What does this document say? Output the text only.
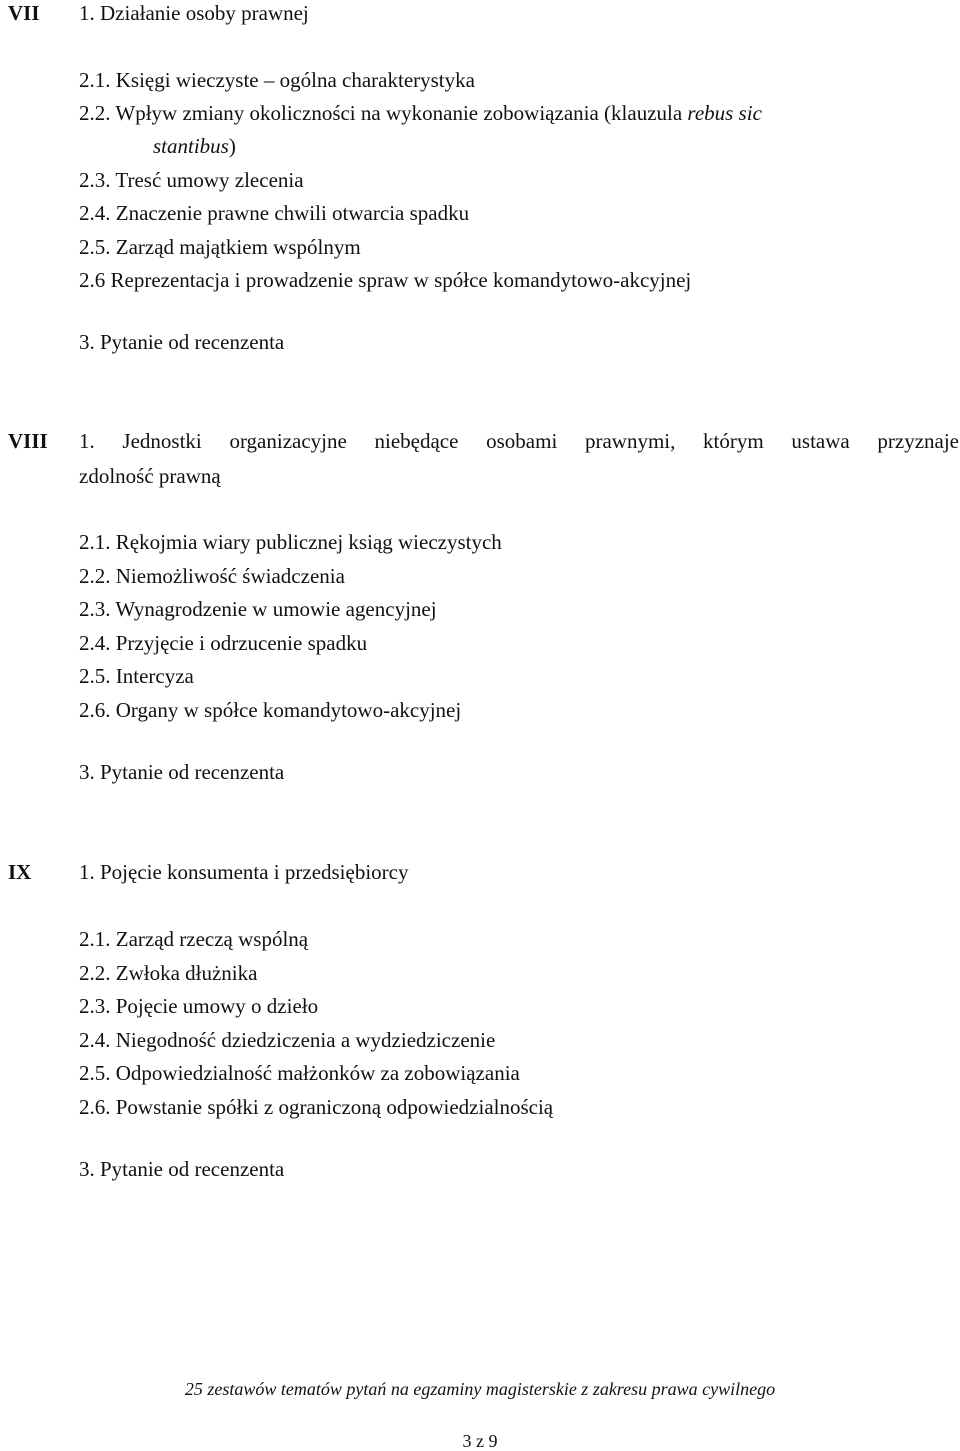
VII 1. Działanie osoby prawnej
2.1. Księgi wieczyste – ogólna charakterystyka
2.2. Wpływ zmiany okoliczności na wykonanie zobowiązania (klauzula rebus sic
stantibus)
2.3. Tresć umowy zlecenia
2.4. Znaczenie prawne chwili otwarcia spadku
2.5. Zarząd majątkiem wspólnym
2.6 Reprezentacja i prowadzenie spraw w spółce komandytowo-akcyjnej
3. Pytanie od recenzenta
VIII 1. Jednostki organizacyjne niebędące osobami prawnymi, którym ustawa przyznaje
zdolność prawną
2.1. Rękojmia wiary publicznej ksiąg wieczystych
2.2. Niemożliwość świadczenia
2.3. Wynagrodzenie w umowie agencyjnej
2.4. Przyjęcie i odrzucenie spadku
2.5. Intercyza
2.6. Organy w spółce komandytowo-akcyjnej
3. Pytanie od recenzenta
IX 1. Pojęcie konsumenta i przedsiębiorcy
2.1. Zarząd rzeczą wspólną
2.2. Zwłoka dłużnika
2.3. Pojęcie umowy o dzieło
2.4. Niegodność dziedziczenia a wydziedziczenie
2.5. Odpowiedzialność małżonków za zobowiązania
2.6. Powstanie spółki z ograniczoną odpowiedzialnością
3. Pytanie od recenzenta
25 zestawów tematów pytań na egzaminy magisterskie z zakresu prawa cywilnego
3 z 9
